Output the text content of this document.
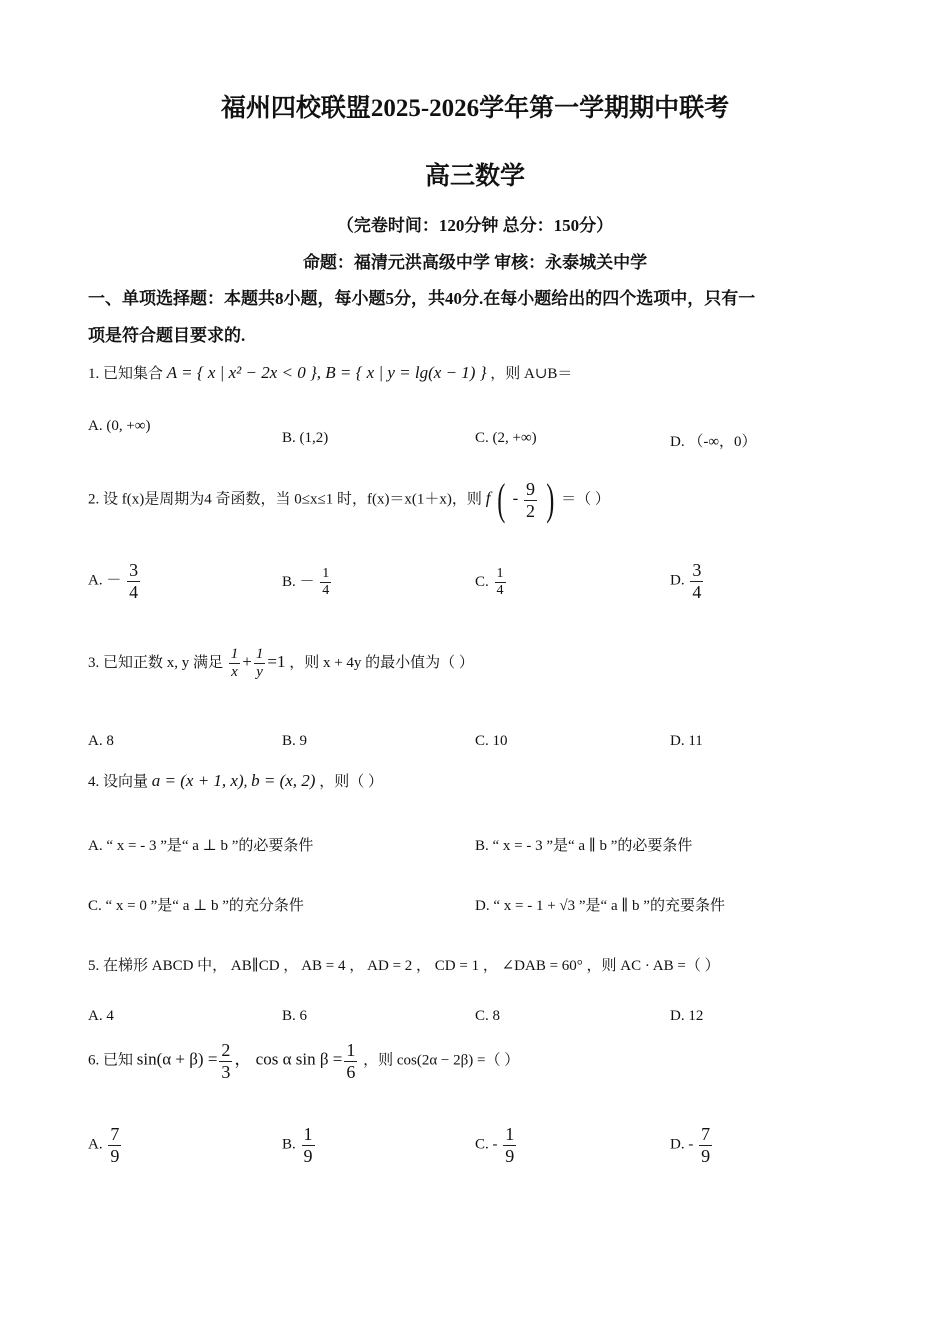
福州四校联盟2025-2026学年第一学期期中联考
高三数学
（完卷时间：120分钟 总分：150分）
命题：福清元洪高级中学 审核：永泰城关中学
一、单项选择题：本题共8小题，每小题5分，共40分.在每小题给出的四个选项中，只有一
项是符合题目要求的.
1. 已知集合 A = { x | x² − 2x < 0 }, B = { x | y = lg(x − 1) } ，则 A∪B＝
A. (0, +∞)
B. (1,2)	C. (2, +∞)	D. （-∞，0）
2. 设 f(x)是周期为4 奇函数，当 0≤x≤1 时，f(x)＝x(1＋x)，则 f ( - $\frac{9}{2}$ ) ＝（ ）
A. － $\frac{3}{4}$	B. － $\frac{1}{4}$	C. $\frac{1}{4}$	D. $\frac{3}{4}$
3. 已知正数 x, y 满足 $\frac{1}{x} + \frac{1}{y} =1$ ，则 x + 4y 的最小值为（ ）
A. 8	B. 9	C. 10	D. 11
4. 设向量 a = (x + 1, x), b = (x, 2) ，则（ ）
A. “ x = - 3 ”是“ a ⊥ b ”的必要条件	B. “ x = - 3 ”是“ a ∥ b ”的必要条件
C. “ x = 0 ”是“ a ⊥ b ”的充分条件	D. “ x = - 1 + √3 ”是“ a ∥ b ”的充要条件
5. 在梯形 ABCD 中， AB∥CD ， AB = 4 ， AD = 2 ， CD = 1 ， ∠DAB = 60° ，则 AC · AB =（ ）
A. 4	B. 6	C. 8	D. 12
6. 已知 $\sin(\alpha + \beta) = \frac{2}{3}$ ， cos α $\sin \beta = \frac{1}{6}$ ，则 cos(2α − 2β) =（ ）
A. $\frac{7}{9}$	B. $\frac{1}{9}$	C. - $\frac{1}{9}$	D. - $\frac{7}{9}$
